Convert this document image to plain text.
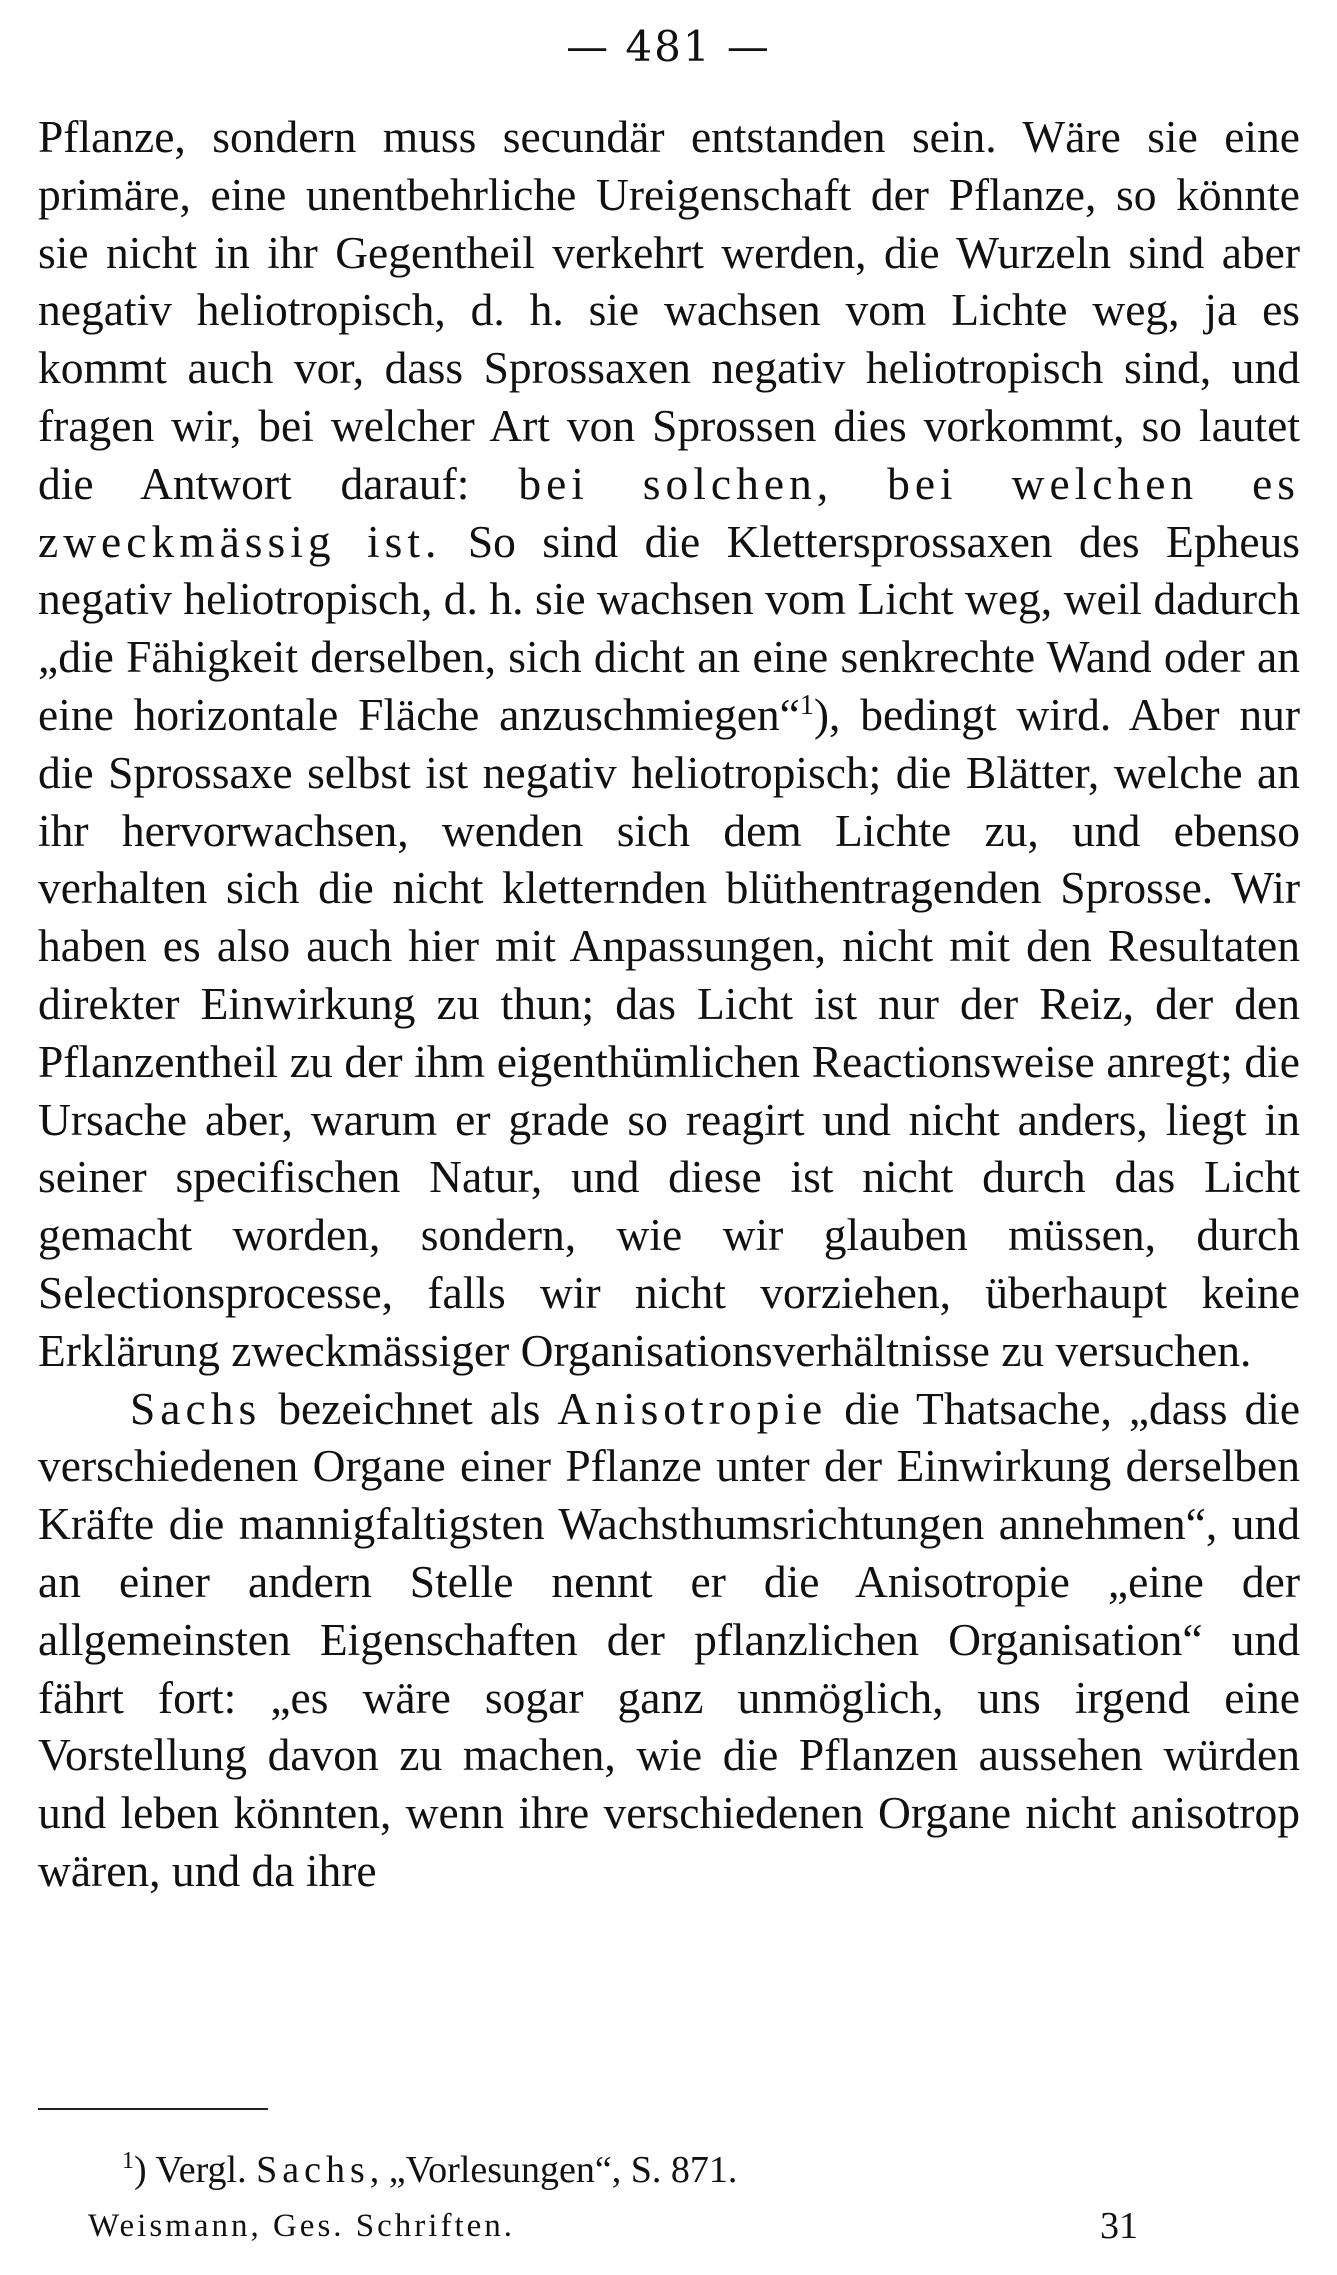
— 481 —

Pflanze, sondern muss secundär entstanden sein. Wäre sie eine primäre, eine unentbehrliche Ureigenschaft der Pflanze, so könnte sie nicht in ihr Gegentheil verkehrt werden, die Wurzeln sind aber negativ heliotropisch, d. h. sie wachsen vom Lichte weg, ja es kommt auch vor, dass Sprossaxen negativ heliotropisch sind, und fragen wir, bei welcher Art von Sprossen dies vorkommt, so lautet die Antwort darauf: bei solchen, bei welchen es zweckmässig ist. So sind die Klettersprossaxen des Epheus negativ heliotropisch, d. h. sie wachsen vom Licht weg, weil dadurch „die Fähigkeit derselben, sich dicht an eine senkrechte Wand oder an eine horizontale Fläche anzuschmiegen“$^1$), bedingt wird. Aber nur die Sprossaxe selbst ist negativ heliotropisch; die Blätter, welche an ihr hervorwachsen, wenden sich dem Lichte zu, und ebenso verhalten sich die nicht kletternden blüthentragenden Sprosse. Wir haben es also auch hier mit Anpassungen, nicht mit den Resultaten direkter Einwirkung zu thun; das Licht ist nur der Reiz, der den Pflanzentheil zu der ihm eigenthümlichen Reactionsweise anregt; die Ursache aber, warum er grade so reagirt und nicht anders, liegt in seiner specifischen Natur, und diese ist nicht durch das Licht gemacht worden, sondern, wie wir glauben müssen, durch Selectionsprocesse, falls wir nicht vorziehen, überhaupt keine Erklärung zweckmässiger Organisationsverhältnisse zu versuchen.

Sachs bezeichnet als Anisotropie die Thatsache, „dass die verschiedenen Organe einer Pflanze unter der Einwirkung derselben Kräfte die mannigfaltigsten Wachsthumsrichtungen annehmen“, und an einer andern Stelle nennt er die Anisotropie „eine der allgemeinsten Eigenschaften der pflanzlichen Organisation“ und fährt fort: „es wäre sogar ganz unmöglich, uns irgend eine Vorstellung davon zu machen, wie die Pflanzen aussehen würden und leben könnten, wenn ihre verschiedenen Organe nicht anisotrop wären, und da ihre

$^1$) Vergl. Sachs, „Vorlesungen“, S. 871.
Weismann, Ges. Schriften.	31
